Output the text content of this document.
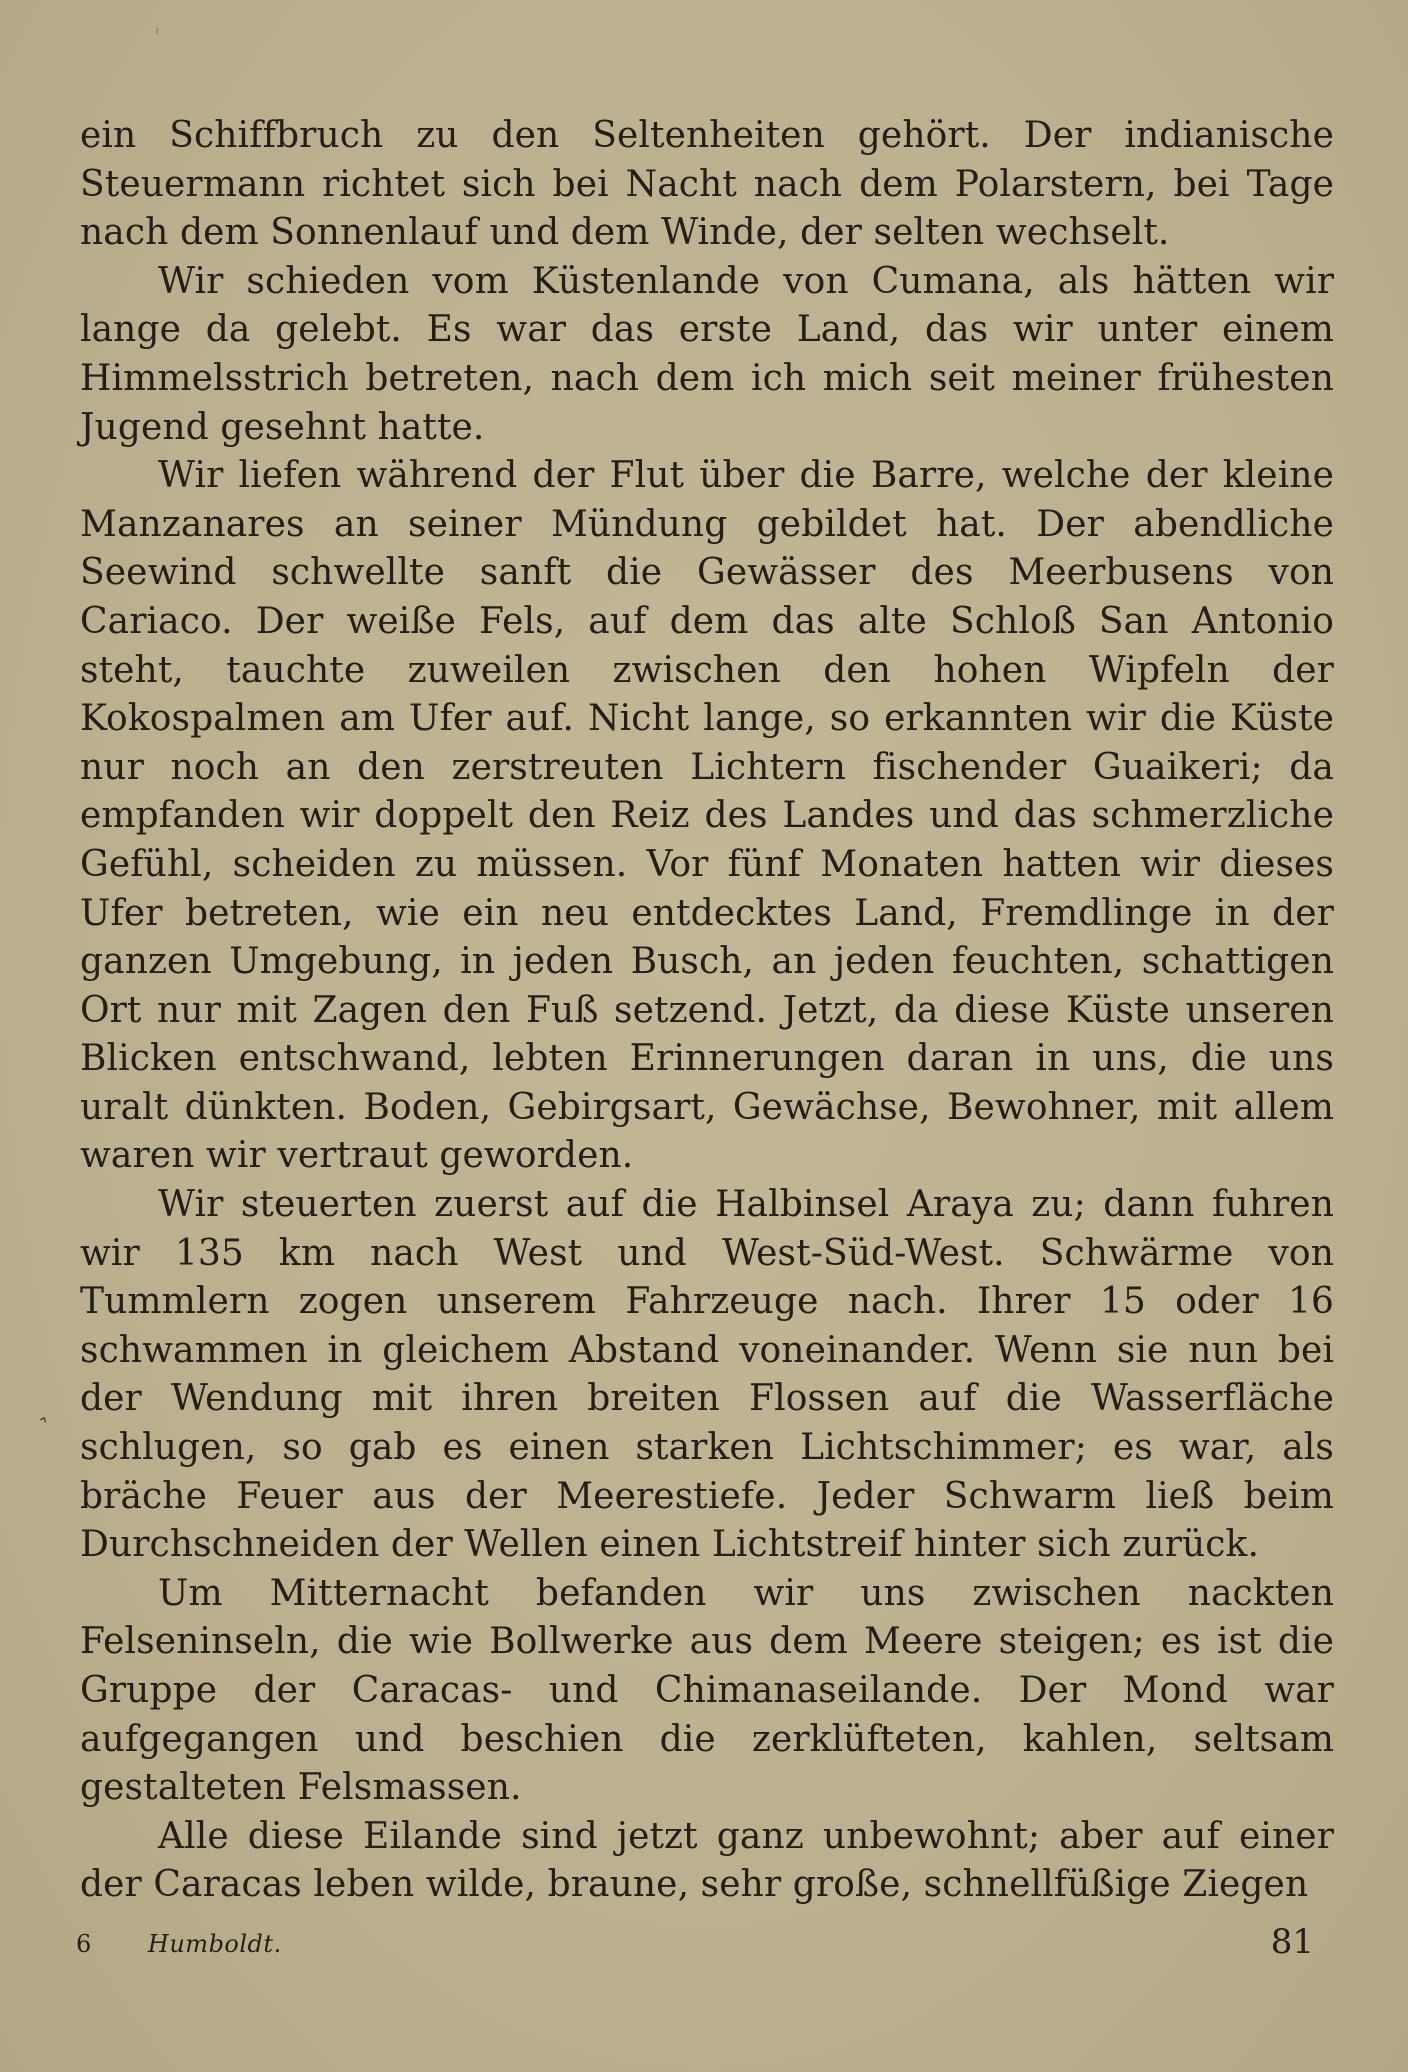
ein Schiffbruch zu den Seltenheiten gehört. Der indianische Steuermann richtet sich bei Nacht nach dem Polarstern, bei Tage nach dem Sonnenlauf und dem Winde, der selten wechselt.

Wir schieden vom Küstenlande von Cumana, als hätten wir lange da gelebt. Es war das erste Land, das wir unter einem Himmelsstrich betreten, nach dem ich mich seit meiner frühesten Jugend gesehnt hatte.

Wir liefen während der Flut über die Barre, welche der kleine Manzanares an seiner Mündung gebildet hat. Der abendliche Seewind schwellte sanft die Gewässer des Meerbusens von Cariaco. Der weiße Fels, auf dem das alte Schloß San Antonio steht, tauchte zuweilen zwischen den hohen Wipfeln der Kokospalmen am Ufer auf. Nicht lange, so erkannten wir die Küste nur noch an den zerstreuten Lichtern fischender Guaikeri; da empfanden wir doppelt den Reiz des Landes und das schmerzliche Gefühl, scheiden zu müssen. Vor fünf Monaten hatten wir dieses Ufer betreten, wie ein neu entdecktes Land, Fremdlinge in der ganzen Umgebung, in jeden Busch, an jeden feuchten, schattigen Ort nur mit Zagen den Fuß setzend. Jetzt, da diese Küste unseren Blicken entschwand, lebten Erinnerungen daran in uns, die uns uralt dünkten. Boden, Gebirgsart, Gewächse, Bewohner, mit allem waren wir vertraut geworden.

Wir steuerten zuerst auf die Halbinsel Araya zu; dann fuhren wir 135 km nach West und West-Süd-West. Schwärme von Tummlern zogen unserem Fahrzeuge nach. Ihrer 15 oder 16 schwammen in gleichem Abstand voneinander. Wenn sie nun bei der Wendung mit ihren breiten Flossen auf die Wasserfläche schlugen, so gab es einen starken Lichtschimmer; es war, als bräche Feuer aus der Meerestiefe. Jeder Schwarm ließ beim Durchschneiden der Wellen einen Lichtstreif hinter sich zurück.

Um Mitternacht befanden wir uns zwischen nackten Felseninseln, die wie Bollwerke aus dem Meere steigen; es ist die Gruppe der Caracas- und Chimanaseilande. Der Mond war aufgegangen und beschien die zerklüfteten, kahlen, seltsam gestalteten Felsmassen.

Alle diese Eilande sind jetzt ganz unbewohnt; aber auf einer der Caracas leben wilde, braune, sehr große, schnellfüßige Ziegen

‸
6 Humboldt.	81
